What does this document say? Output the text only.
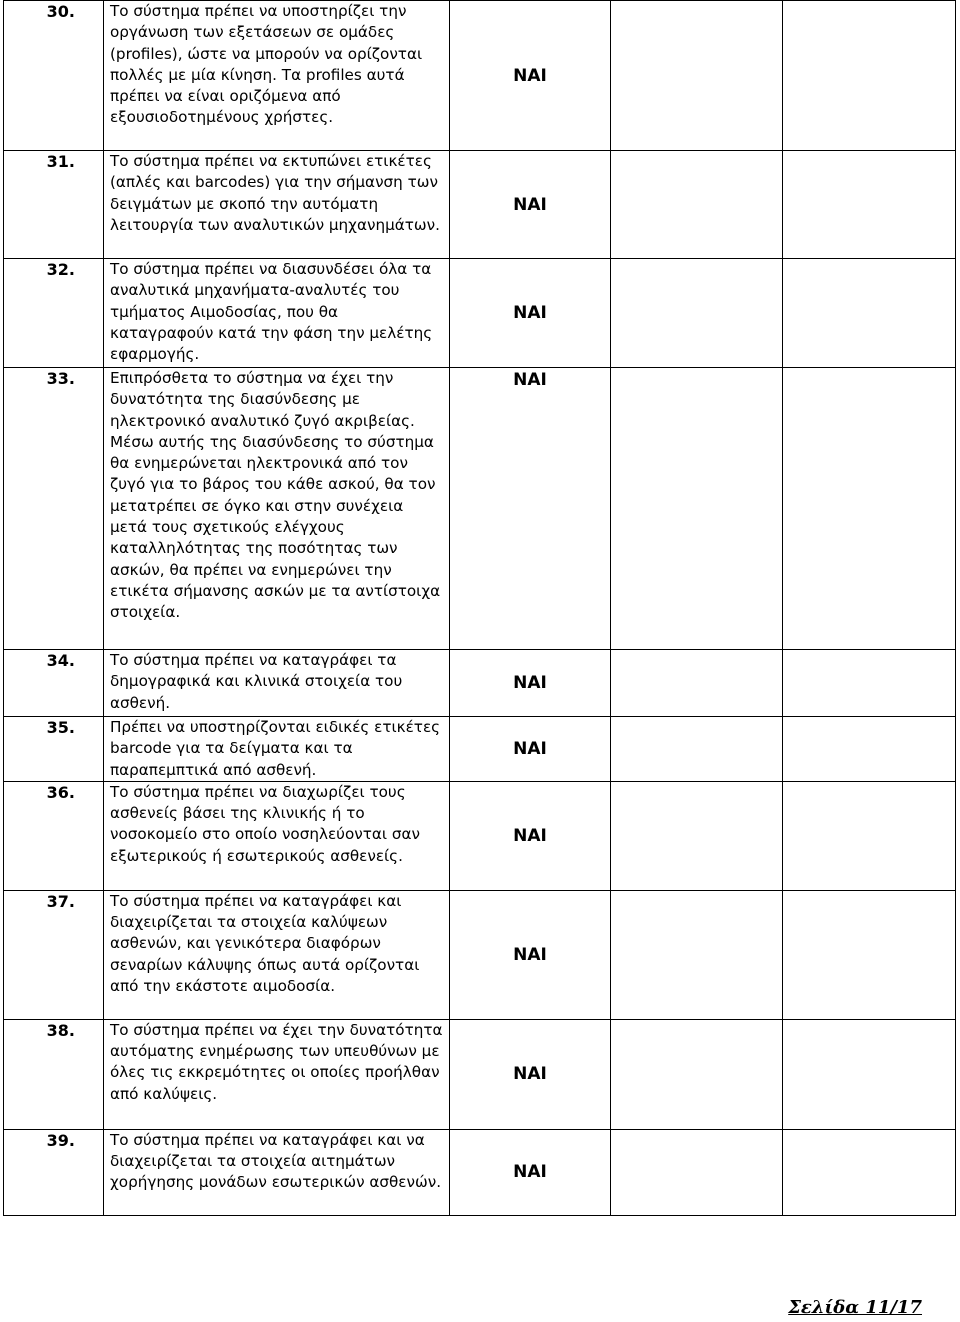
30.	Το σύστημα πρέπει να υποστηρίζει την οργάνωση των εξετάσεων σε ομάδες (profiles), ώστε να μπορούν να ορίζονται πολλές με μία κίνηση. Τα profiles αυτά πρέπει να είναι οριζόμενα από εξουσιοδοτημένους χρήστες.	ΝΑΙ		
31.	Το σύστημα πρέπει να εκτυπώνει ετικέτες (απλές και barcodes) για την σήμανση των δειγμάτων με σκοπό την αυτόματη λειτουργία των αναλυτικών μηχανημάτων.	ΝΑΙ		
32.	Το σύστημα πρέπει να διασυνδέσει όλα τα αναλυτικά μηχανήματα-αναλυτές του τμήματος Αιμοδοσίας, που θα καταγραφούν κατά την φάση την μελέτης εφαρμογής.	ΝΑΙ		
33.	Επιπρόσθετα το σύστημα να έχει την δυνατότητα της διασύνδεσης με ηλεκτρονικό αναλυτικό ζυγό ακριβείας. Μέσω αυτής της διασύνδεσης το σύστημα θα ενημερώνεται ηλεκτρονικά από τον ζυγό για το βάρος του κάθε ασκού, θα τον μετατρέπει σε όγκο και στην συνέχεια μετά τους σχετικούς ελέγχους καταλληλότητας της ποσότητας των ασκών, θα πρέπει να ενημερώνει την ετικέτα σήμανσης ασκών με τα αντίστοιχα στοιχεία.	ΝΑΙ		
34.	Το σύστημα πρέπει να καταγράφει τα δημογραφικά και κλινικά στοιχεία του ασθενή.	ΝΑΙ		
35.	Πρέπει να υποστηρίζονται ειδικές ετικέτες barcode για τα δείγματα και τα παραπεμπτικά από ασθενή.	ΝΑΙ		
36.	Το σύστημα πρέπει να διαχωρίζει τους ασθενείς βάσει της κλινικής ή το νοσοκομείο στο οποίο νοσηλεύονται σαν εξωτερικούς ή εσωτερικούς ασθενείς.	ΝΑΙ		
37.	Το σύστημα πρέπει να καταγράφει και διαχειρίζεται τα στοιχεία καλύψεων ασθενών, και γενικότερα διαφόρων σεναρίων κάλυψης όπως αυτά ορίζονται από την εκάστοτε αιμοδοσία.	ΝΑΙ		
38.	Το σύστημα πρέπει να έχει την δυνατότητα αυτόματης ενημέρωσης των υπευθύνων με όλες τις εκκρεμότητες οι οποίες προήλθαν από καλύψεις.	ΝΑΙ		
39.	Το σύστημα πρέπει να καταγράφει και να διαχειρίζεται τα στοιχεία αιτημάτων χορήγησης μονάδων εσωτερικών ασθενών.	ΝΑΙ		
Σελίδα 11/17
